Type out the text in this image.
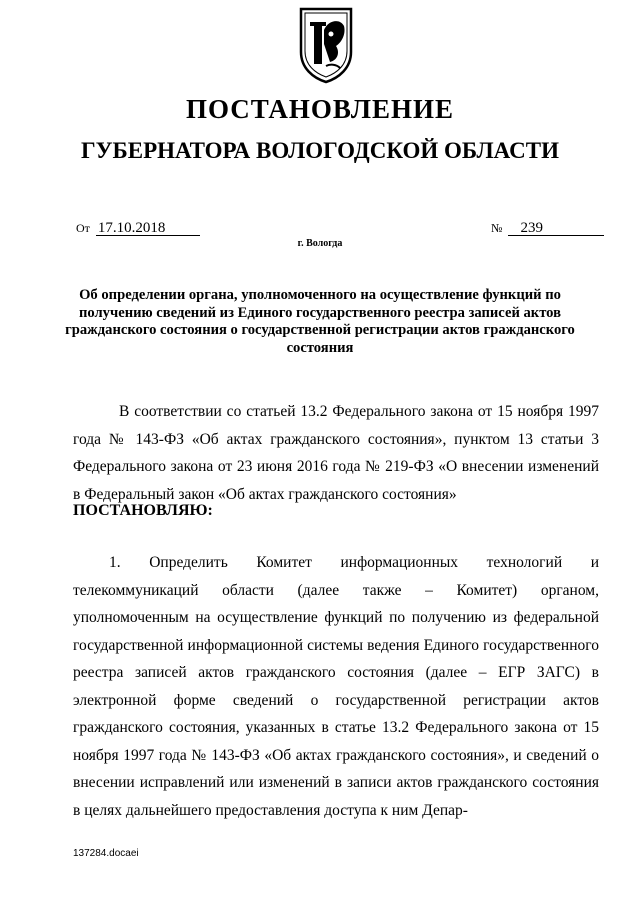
ПОСТАНОВЛЕНИЕ
ГУБЕРНАТОРА ВОЛОГОДСКОЙ ОБЛАСТИ
От 17.10.2018	№ 239
г. Вологда
Об определении органа, уполномоченного на осуществление функций по получению сведений из Единого государственного реестра записей актов гражданского состояния о государственной регистрации актов гражданского состояния

В соответствии со статьей 13.2 Федерального закона от 15 ноября 1997 года № 143-ФЗ «Об актах гражданского состояния», пунктом 13 статьи 3 Федерального закона от 23 июня 2016 года № 219-ФЗ «О внесении изменений в Федеральный закон «Об актах гражданского состояния»

ПОСТАНОВЛЯЮ:

1. Определить Комитет информационных технологий и телекоммуникаций области (далее также – Комитет) органом, уполномоченным на осуществление функций по получению из федеральной государственной информационной системы ведения Единого государственного реестра записей актов гражданского состояния (далее – ЕГР ЗАГС) в электронной форме сведений о государственной регистрации актов гражданского состояния, указанных в статье 13.2 Федерального закона от 15 ноября 1997 года № 143-ФЗ «Об актах гражданского состояния», и сведений о внесении исправлений или изменений в записи актов гражданского состояния в целях дальнейшего предоставления доступа к ним Депар-

137284.docaei
